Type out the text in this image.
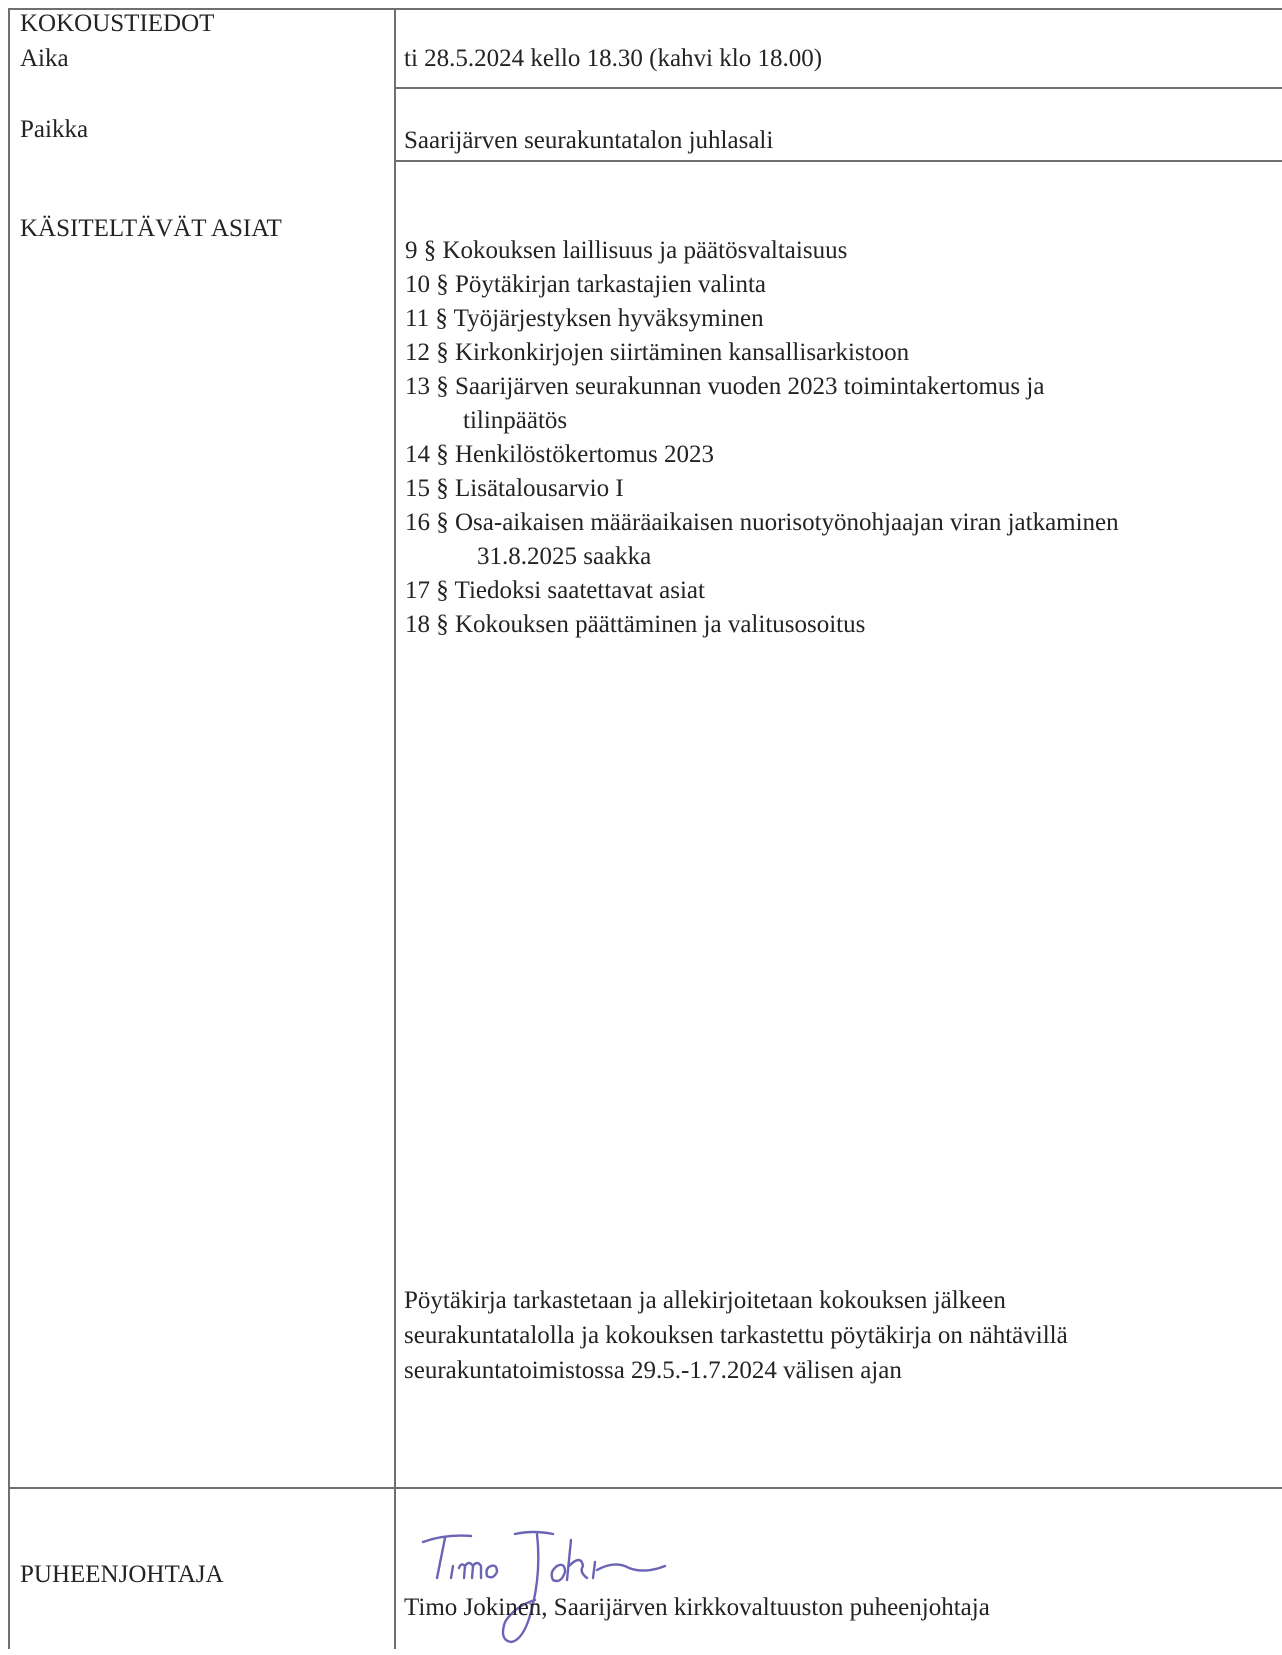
KOKOUSTIEDOT
Aika
Paikka
KÄSITELTÄVÄT ASIAT
PUHEENJOHTAJA
ti 28.5.2024 kello 18.30 (kahvi klo 18.00)
Saarijärven seurakuntatalon juhlasali
9 § Kokouksen laillisuus ja päätösvaltaisuus
10 § Pöytäkirjan tarkastajien valinta
11 § Työjärjestyksen hyväksyminen
12 § Kirkonkirjojen siirtäminen kansallisarkistoon
13 § Saarijärven seurakunnan vuoden 2023 toimintakertomus ja
tilinpäätös
14 § Henkilöstökertomus 2023
15 § Lisätalousarvio I
16 § Osa-aikaisen määräaikaisen nuorisotyönohjaajan viran jatkaminen
31.8.2025 saakka
17 § Tiedoksi saatettavat asiat
18 § Kokouksen päättäminen ja valitusosoitus
Pöytäkirja tarkastetaan ja allekirjoitetaan kokouksen jälkeen
seurakuntatalolla ja kokouksen tarkastettu pöytäkirja on nähtävillä
seurakuntatoimistossa 29.5.-1.7.2024 välisen ajan
Timo Jokinen
Timo Jokinen, Saarijärven kirkkovaltuuston puheenjohtaja
